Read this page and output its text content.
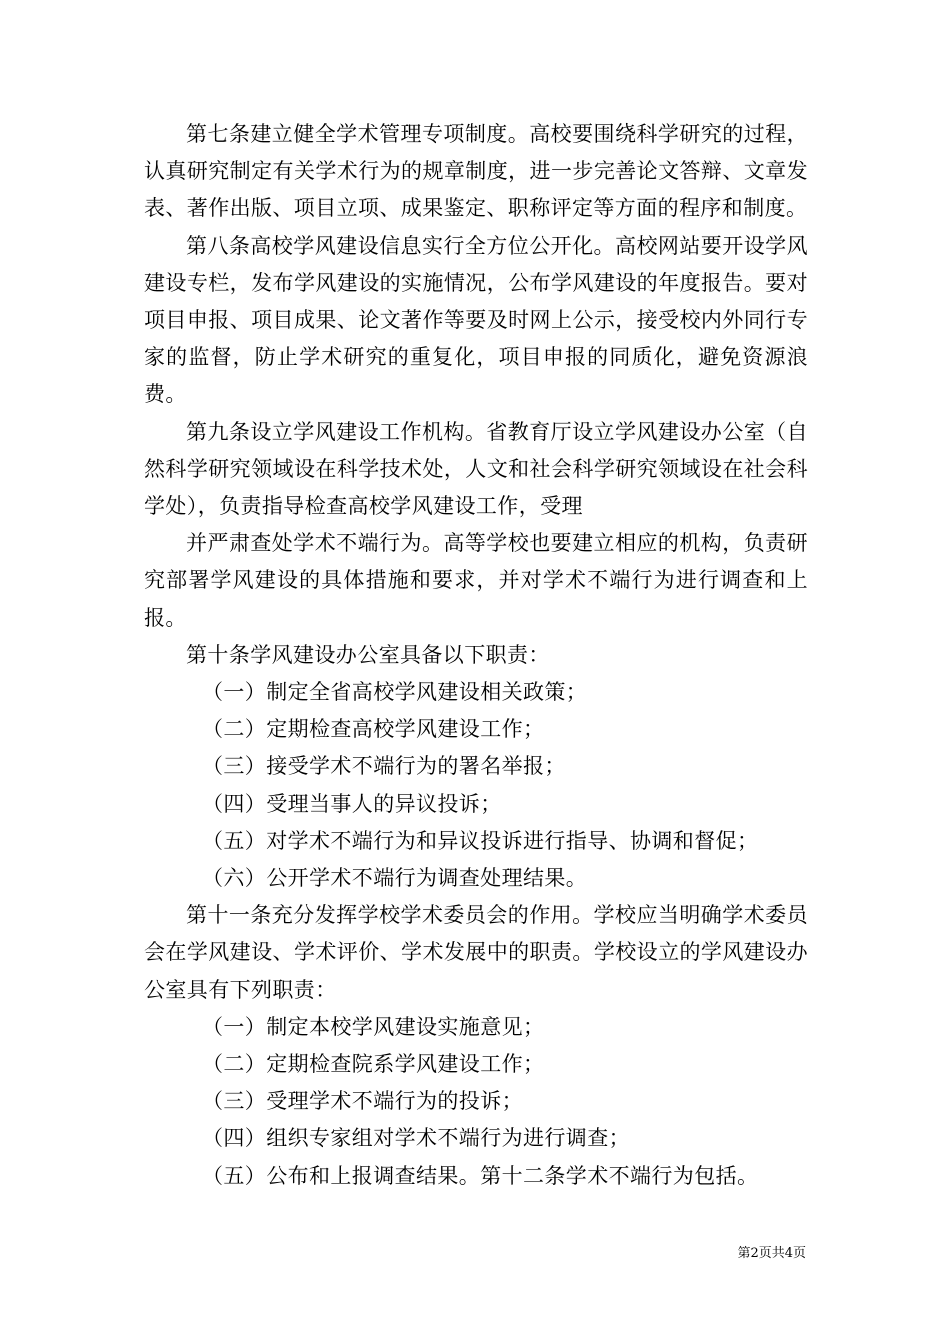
第七条建立健全学术管理专项制度。高校要围绕科学研究的过程，认真研究制定有关学术行为的规章制度，进一步完善论文答辩、文章发表、著作出版、项目立项、成果鉴定、职称评定等方面的程序和制度。

第八条高校学风建设信息实行全方位公开化。高校网站要开设学风建设专栏，发布学风建设的实施情况，公布学风建设的年度报告。要对项目申报、项目成果、论文著作等要及时网上公示，接受校内外同行专家的监督，防止学术研究的重复化，项目申报的同质化，避免资源浪费。

第九条设立学风建设工作机构。省教育厅设立学风建设办公室（自然科学研究领域设在科学技术处，人文和社会科学研究领域设在社会科学处），负责指导检查高校学风建设工作，受理

并严肃查处学术不端行为。高等学校也要建立相应的机构，负责研究部署学风建设的具体措施和要求，并对学术不端行为进行调查和上报。

第十条学风建设办公室具备以下职责：

（一）制定全省高校学风建设相关政策；

（二）定期检查高校学风建设工作；

（三）接受学术不端行为的署名举报；

（四）受理当事人的异议投诉；

（五）对学术不端行为和异议投诉进行指导、协调和督促；

（六）公开学术不端行为调查处理结果。

第十一条充分发挥学校学术委员会的作用。学校应当明确学术委员会在学风建设、学术评价、学术发展中的职责。学校设立的学风建设办公室具有下列职责：

（一）制定本校学风建设实施意见；

（二）定期检查院系学风建设工作；

（三）受理学术不端行为的投诉；

（四）组织专家组对学术不端行为进行调查；

（五）公布和上报调查结果。第十二条学术不端行为包括。

第2页共4页
